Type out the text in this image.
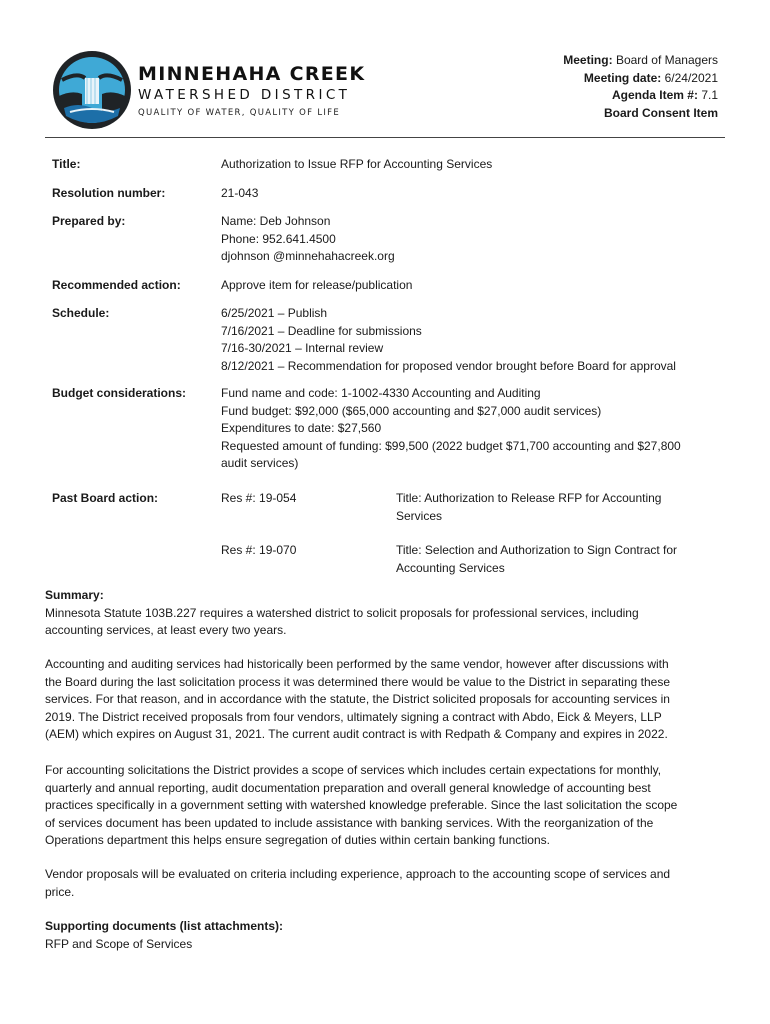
MINNEHAHA CREEK
WATERSHED DISTRICT
QUALITY OF WATER, QUALITY OF LIFE
Meeting: Board of Managers
Meeting date: 6/24/2021
Agenda Item #: 7.1
Board Consent Item
Title:	Authorization to Issue RFP for Accounting Services
Resolution number:	21-043
Prepared by:	Name: Deb Johnson
Phone: 952.641.4500
djohnson @minnehahacreek.org
Recommended action:	Approve item for release/publication
Schedule:	6/25/2021 – Publish
7/16/2021 – Deadline for submissions
7/16-30/2021 – Internal review
8/12/2021 – Recommendation for proposed vendor brought before Board for approval
Budget considerations:	Fund name and code: 1-1002-4330 Accounting and Auditing
Fund budget: $92,000 ($65,000 accounting and $27,000 audit services)
Expenditures to date: $27,560
Requested amount of funding: $99,500 (2022 budget $71,700 accounting and $27,800
audit services)
Past Board action:	Res #: 19-054	Title: Authorization to Release RFP for Accounting
Services
Res #: 19-070	Title: Selection and Authorization to Sign Contract for
Accounting Services
Summary:
Minnesota Statute 103B.227 requires a watershed district to solicit proposals for professional services, including
accounting services, at least every two years.
Accounting and auditing services had historically been performed by the same vendor, however after discussions with
the Board during the last solicitation process it was determined there would be value to the District in separating these
services. For that reason, and in accordance with the statute, the District solicited proposals for accounting services in
2019. The District received proposals from four vendors, ultimately signing a contract with Abdo, Eick & Meyers, LLP
(AEM) which expires on August 31, 2021. The current audit contract is with Redpath & Company and expires in 2022.
For accounting solicitations the District provides a scope of services which includes certain expectations for monthly,
quarterly and annual reporting, audit documentation preparation and overall general knowledge of accounting best
practices specifically in a government setting with watershed knowledge preferable. Since the last solicitation the scope
of services document has been updated to include assistance with banking services. With the reorganization of the
Operations department this helps ensure segregation of duties within certain banking functions.
Vendor proposals will be evaluated on criteria including experience, approach to the accounting scope of services and
price.
Supporting documents (list attachments):
RFP and Scope of Services
